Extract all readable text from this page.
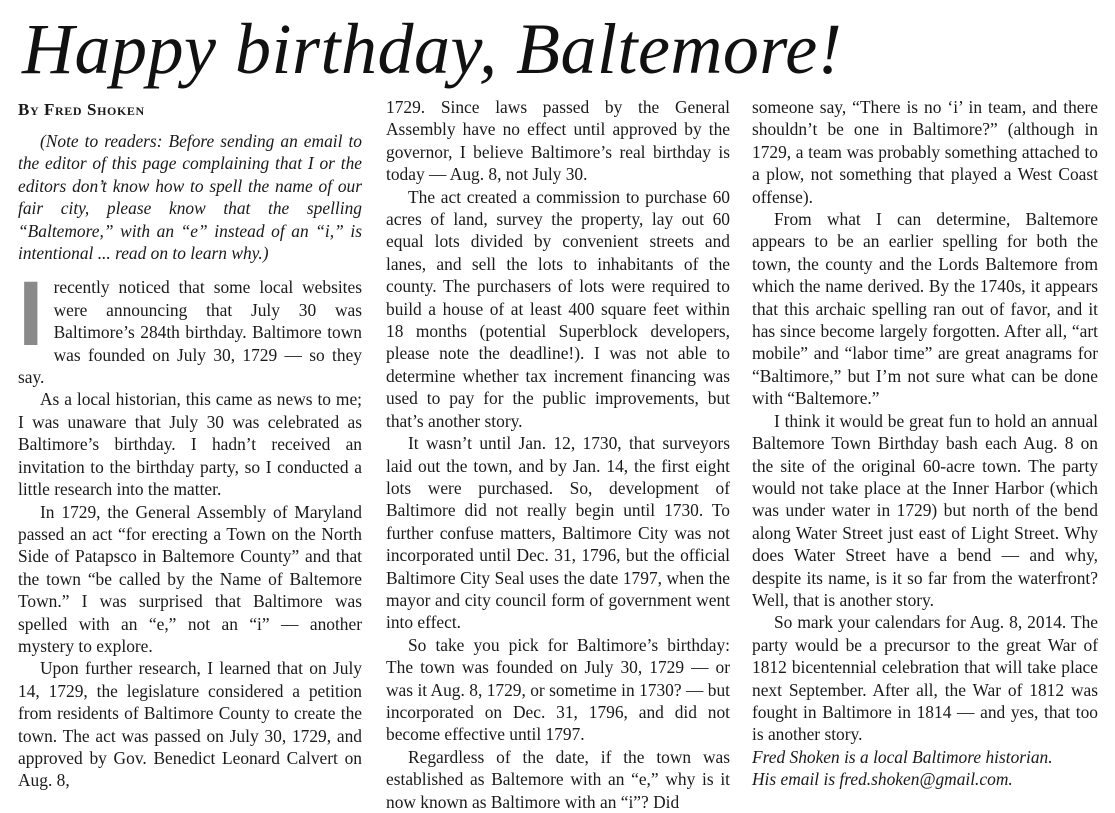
Happy birthday, Baltemore!
By Fred Shoken

(Note to readers: Before sending an email to the editor of this page complaining that I or the editors don’t know how to spell the name of our fair city, please know that the spelling “Baltemore,” with an “e” instead of an “i,” is intentional ... read on to learn why.)

Irecently noticed that some local websites were announcing that July 30 was Baltimore’s 284th birthday. Baltimore town was founded on July 30, 1729 — so they say.

As a local historian, this came as news to me; I was unaware that July 30 was celebrated as Baltimore’s birthday. I hadn’t received an invitation to the birthday party, so I conducted a little research into the matter.

In 1729, the General Assembly of Maryland passed an act “for erecting a Town on the North Side of Patapsco in Baltemore County” and that the town “be called by the Name of Baltemore Town.” I was surprised that Baltimore was spelled with an “e,” not an “i” — another mystery to explore.

Upon further research, I learned that on July 14, 1729, the legislature considered a petition from residents of Baltimore County to create the town. The act was passed on July 30, 1729, and approved by Gov. Benedict Leonard Calvert on Aug. 8,

1729. Since laws passed by the General Assembly have no effect until approved by the governor, I believe Baltimore’s real birthday is today — Aug. 8, not July 30.

The act created a commission to purchase 60 acres of land, survey the property, lay out 60 equal lots divided by convenient streets and lanes, and sell the lots to inhabitants of the county. The purchasers of lots were required to build a house of at least 400 square feet within 18 months (potential Superblock developers, please note the deadline!). I was not able to determine whether tax increment financing was used to pay for the public improvements, but that’s another story.

It wasn’t until Jan. 12, 1730, that surveyors laid out the town, and by Jan. 14, the first eight lots were purchased. So, development of Baltimore did not really begin until 1730. To further confuse matters, Baltimore City was not incorporated until Dec. 31, 1796, but the official Baltimore City Seal uses the date 1797, when the mayor and city council form of government went into effect.

So take you pick for Baltimore’s birthday: The town was founded on July 30, 1729 — or was it Aug. 8, 1729, or sometime in 1730? — but incorporated on Dec. 31, 1796, and did not become effective until 1797.

Regardless of the date, if the town was established as Baltemore with an “e,” why is it now known as Baltimore with an “i”? Did

someone say, “There is no ‘i’ in team, and there shouldn’t be one in Baltimore?” (although in 1729, a team was probably something attached to a plow, not something that played a West Coast offense).

From what I can determine, Baltemore appears to be an earlier spelling for both the town, the county and the Lords Baltemore from which the name derived. By the 1740s, it appears that this archaic spelling ran out of favor, and it has since become largely forgotten. After all, “art mobile” and “labor time” are great anagrams for “Baltimore,” but I’m not sure what can be done with “Baltemore.”

I think it would be great fun to hold an annual Baltemore Town Birthday bash each Aug. 8 on the site of the original 60-acre town. The party would not take place at the Inner Harbor (which was under water in 1729) but north of the bend along Water Street just east of Light Street. Why does Water Street have a bend — and why, despite its name, is it so far from the waterfront? Well, that is another story.

So mark your calendars for Aug. 8, 2014. The party would be a precursor to the great War of 1812 bicentennial celebration that will take place next September. After all, the War of 1812 was fought in Baltimore in 1814 — and yes, that too is another story.

Fred Shoken is a local Baltimore historian.

His email is fred.shoken@gmail.com.
